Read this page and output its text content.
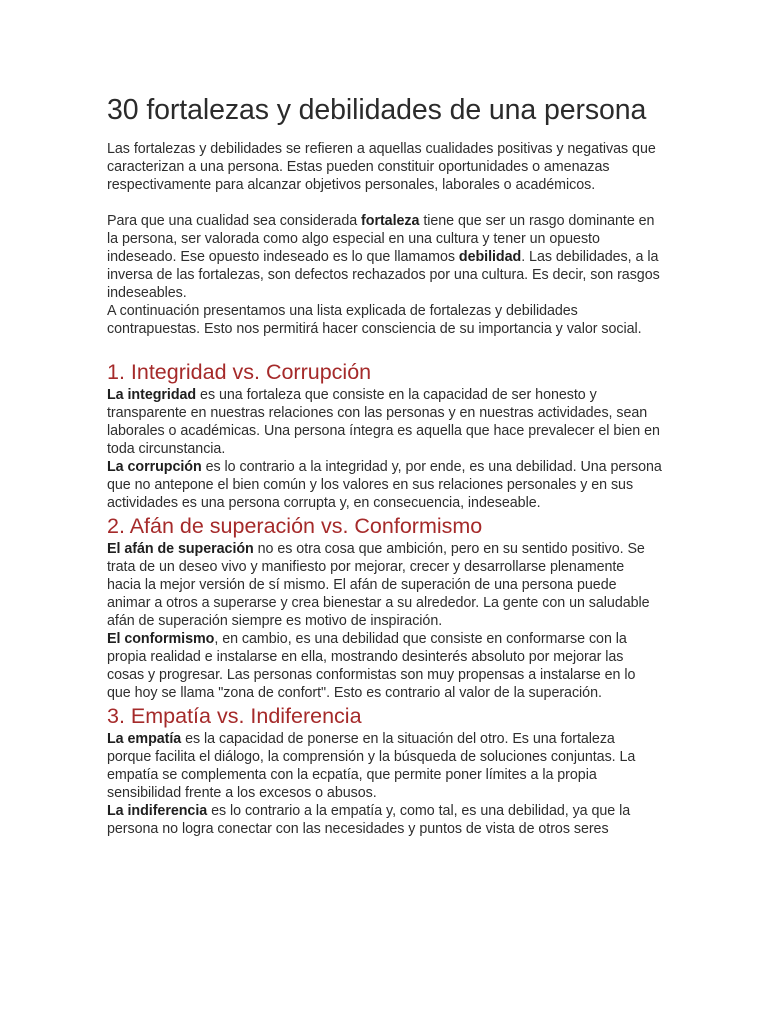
30 fortalezas y debilidades de una persona

Las fortalezas y debilidades se refieren a aquellas cualidades positivas y negativas que caracterizan a una persona. Estas pueden constituir oportunidades o amenazas respectivamente para alcanzar objetivos personales, laborales o académicos.

Para que una cualidad sea considerada fortaleza tiene que ser un rasgo dominante en la persona, ser valorada como algo especial en una cultura y tener un opuesto indeseado. Ese opuesto indeseado es lo que llamamos debilidad. Las debilidades, a la inversa de las fortalezas, son defectos rechazados por una cultura. Es decir, son rasgos indeseables.

A continuación presentamos una lista explicada de fortalezas y debilidades contrapuestas. Esto nos permitirá hacer consciencia de su importancia y valor social.

1. Integridad vs. Corrupción

La integridad es una fortaleza que consiste en la capacidad de ser honesto y transparente en nuestras relaciones con las personas y en nuestras actividades, sean laborales o académicas. Una persona íntegra es aquella que hace prevalecer el bien en toda circunstancia.

La corrupción es lo contrario a la integridad y, por ende, es una debilidad. Una persona que no antepone el bien común y los valores en sus relaciones personales y en sus actividades es una persona corrupta y, en consecuencia, indeseable.

2. Afán de superación vs. Conformismo

El afán de superación no es otra cosa que ambición, pero en su sentido positivo. Se trata de un deseo vivo y manifiesto por mejorar, crecer y desarrollarse plenamente hacia la mejor versión de sí mismo. El afán de superación de una persona puede animar a otros a superarse y crea bienestar a su alrededor. La gente con un saludable afán de superación siempre es motivo de inspiración.

El conformismo, en cambio, es una debilidad que consiste en conformarse con la propia realidad e instalarse en ella, mostrando desinterés absoluto por mejorar las cosas y progresar. Las personas conformistas son muy propensas a instalarse en lo que hoy se llama "zona de confort". Esto es contrario al valor de la superación.

3. Empatía vs. Indiferencia

La empatía es la capacidad de ponerse en la situación del otro. Es una fortaleza porque facilita el diálogo, la comprensión y la búsqueda de soluciones conjuntas. La empatía se complementa con la ecpatía, que permite poner límites a la propia sensibilidad frente a los excesos o abusos.

La indiferencia es lo contrario a la empatía y, como tal, es una debilidad, ya que la persona no logra conectar con las necesidades y puntos de vista de otros seres
